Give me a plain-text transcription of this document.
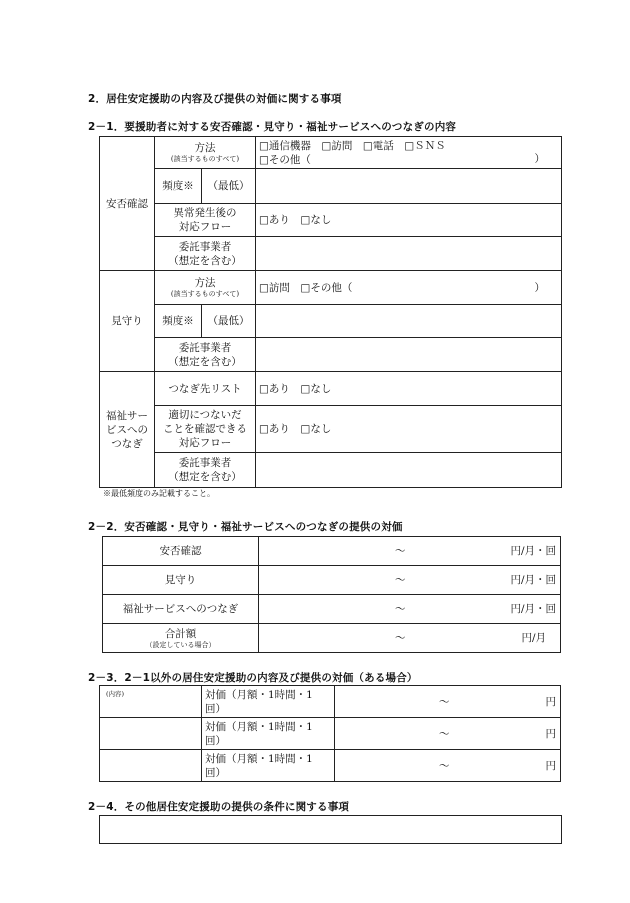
2．居住安定援助の内容及び提供の対価に関する事項
2－1．要援助者に対する安否確認・見守り・福祉サービスへのつなぎの内容
安否確認	方法
(該当するものすべて)		□通信機器　□訪問　□電話　□ＳＮＳ
□その他（ ）

	頻度※	（最低）	

	異常発生後の
対応フロー		□あり　□なし

	委託事業者
（想定を含む）		

見守り	方法
(該当するものすべて)		□訪問　□その他（ ）

	頻度※	（最低）	

	委託事業者
（想定を含む）		

福祉サー
ビスへの
つなぎ	つなぎ先リスト		□あり　□なし

	適切につないだ
ことを確認できる
対応フロー		□あり　□なし

	委託事業者
（想定を含む）		

※最低頻度のみ記載すること。
2－2．安否確認・見守り・福祉サービスへのつなぎの提供の対価
安否確認	～ 円/月・回

見守り	～ 円/月・回

福祉サービスへのつなぎ	～ 円/月・回

合計額
（設定している場合）	～ 円/月
2－3．2－1以外の居住安定援助の内容及び提供の対価（ある場合）
(内容)	対価（月額・1時間・1
回）	～ 円

	対価（月額・1時間・1
回）	～ 円

	対価（月額・1時間・1
回）	～ 円
2－4．その他居住安定援助の提供の条件に関する事項
